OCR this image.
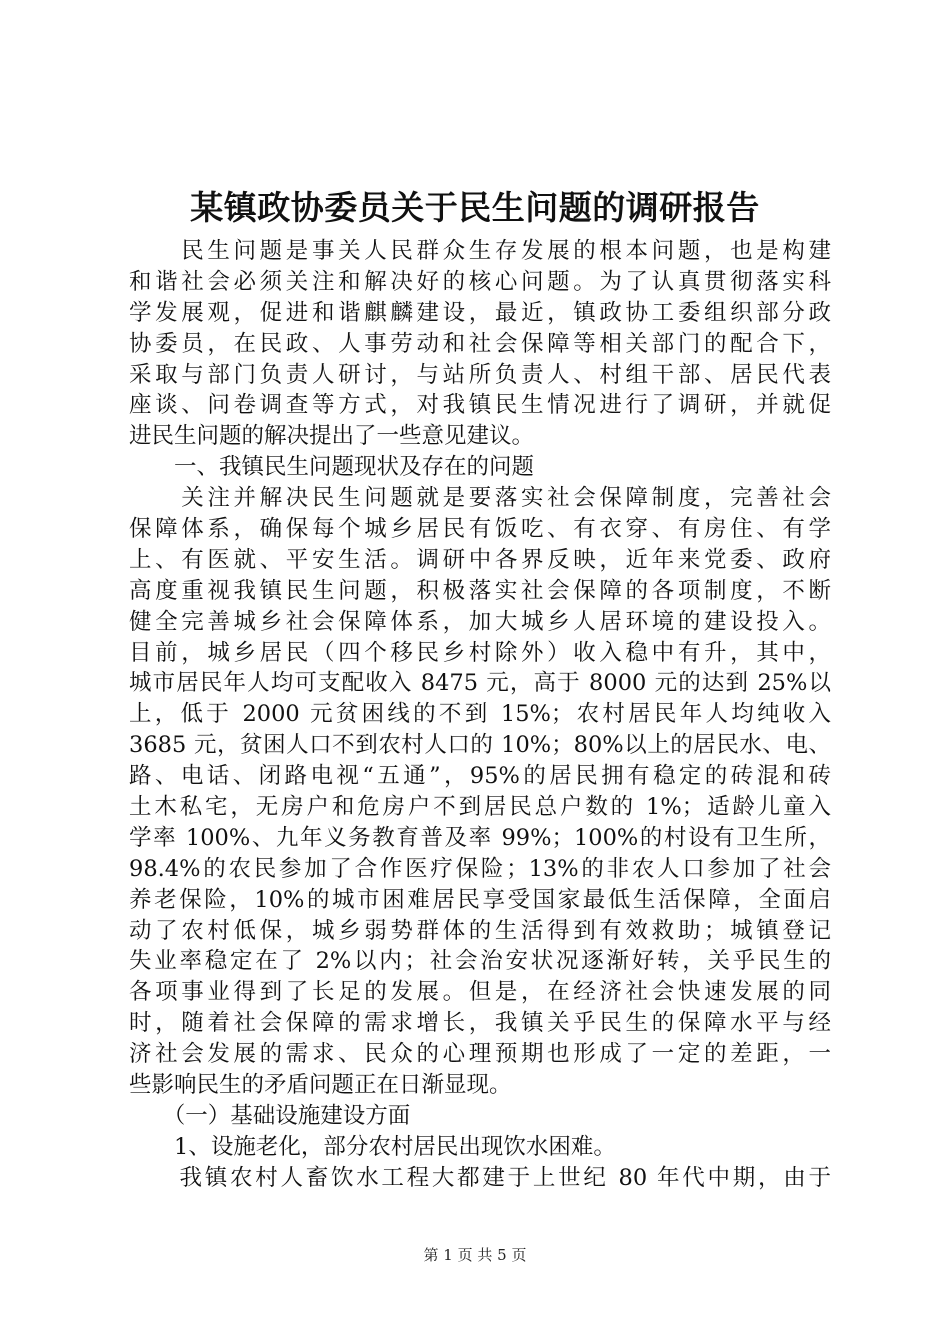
某镇政协委员关于民生问题的调研报告
　　民生问题是事关人民群众生存发展的根本问题，也是构建
和谐社会必须关注和解决好的核心问题。为了认真贯彻落实科
学发展观，促进和谐麒麟建设，最近，镇政协工委组织部分政
协委员，在民政、人事劳动和社会保障等相关部门的配合下，
采取与部门负责人研讨，与站所负责人、村组干部、居民代表
座谈、问卷调查等方式，对我镇民生情况进行了调研，并就促
进民生问题的解决提出了一些意见建议。
　　一、我镇民生问题现状及存在的问题
　　关注并解决民生问题就是要落实社会保障制度，完善社会
保障体系，确保每个城乡居民有饭吃、有衣穿、有房住、有学
上、有医就、平安生活。调研中各界反映，近年来党委、政府
高度重视我镇民生问题，积极落实社会保障的各项制度，不断
健全完善城乡社会保障体系，加大城乡人居环境的建设投入。
目前，城乡居民（四个移民乡村除外）收入稳中有升，其中，
城市居民年人均可支配收入 8475 元，高于 8000 元的达到 25%以
上，低于 2000 元贫困线的不到 15%；农村居民年人均纯收入
3685 元，贫困人口不到农村人口的 10%；80%以上的居民水、电、
路、电话、闭路电视“五通”，95%的居民拥有稳定的砖混和砖
土木私宅，无房户和危房户不到居民总户数的 1%；适龄儿童入
学率 100%、九年义务教育普及率 99%；100%的村设有卫生所，
98.4%的农民参加了合作医疗保险；13%的非农人口参加了社会
养老保险，10%的城市困难居民享受国家最低生活保障，全面启
动了农村低保，城乡弱势群体的生活得到有效救助；城镇登记
失业率稳定在了 2%以内；社会治安状况逐渐好转，关乎民生的
各项事业得到了长足的发展。但是，在经济社会快速发展的同
时，随着社会保障的需求增长，我镇关乎民生的保障水平与经
济社会发展的需求、民众的心理预期也形成了一定的差距，一
些影响民生的矛盾问题正在日渐显现。
　　（一）基础设施建设方面
　　1、设施老化，部分农村居民出现饮水困难。
　　我镇农村人畜饮水工程大都建于上世纪 80 年代中期，由于
第 1 页 共 5 页
